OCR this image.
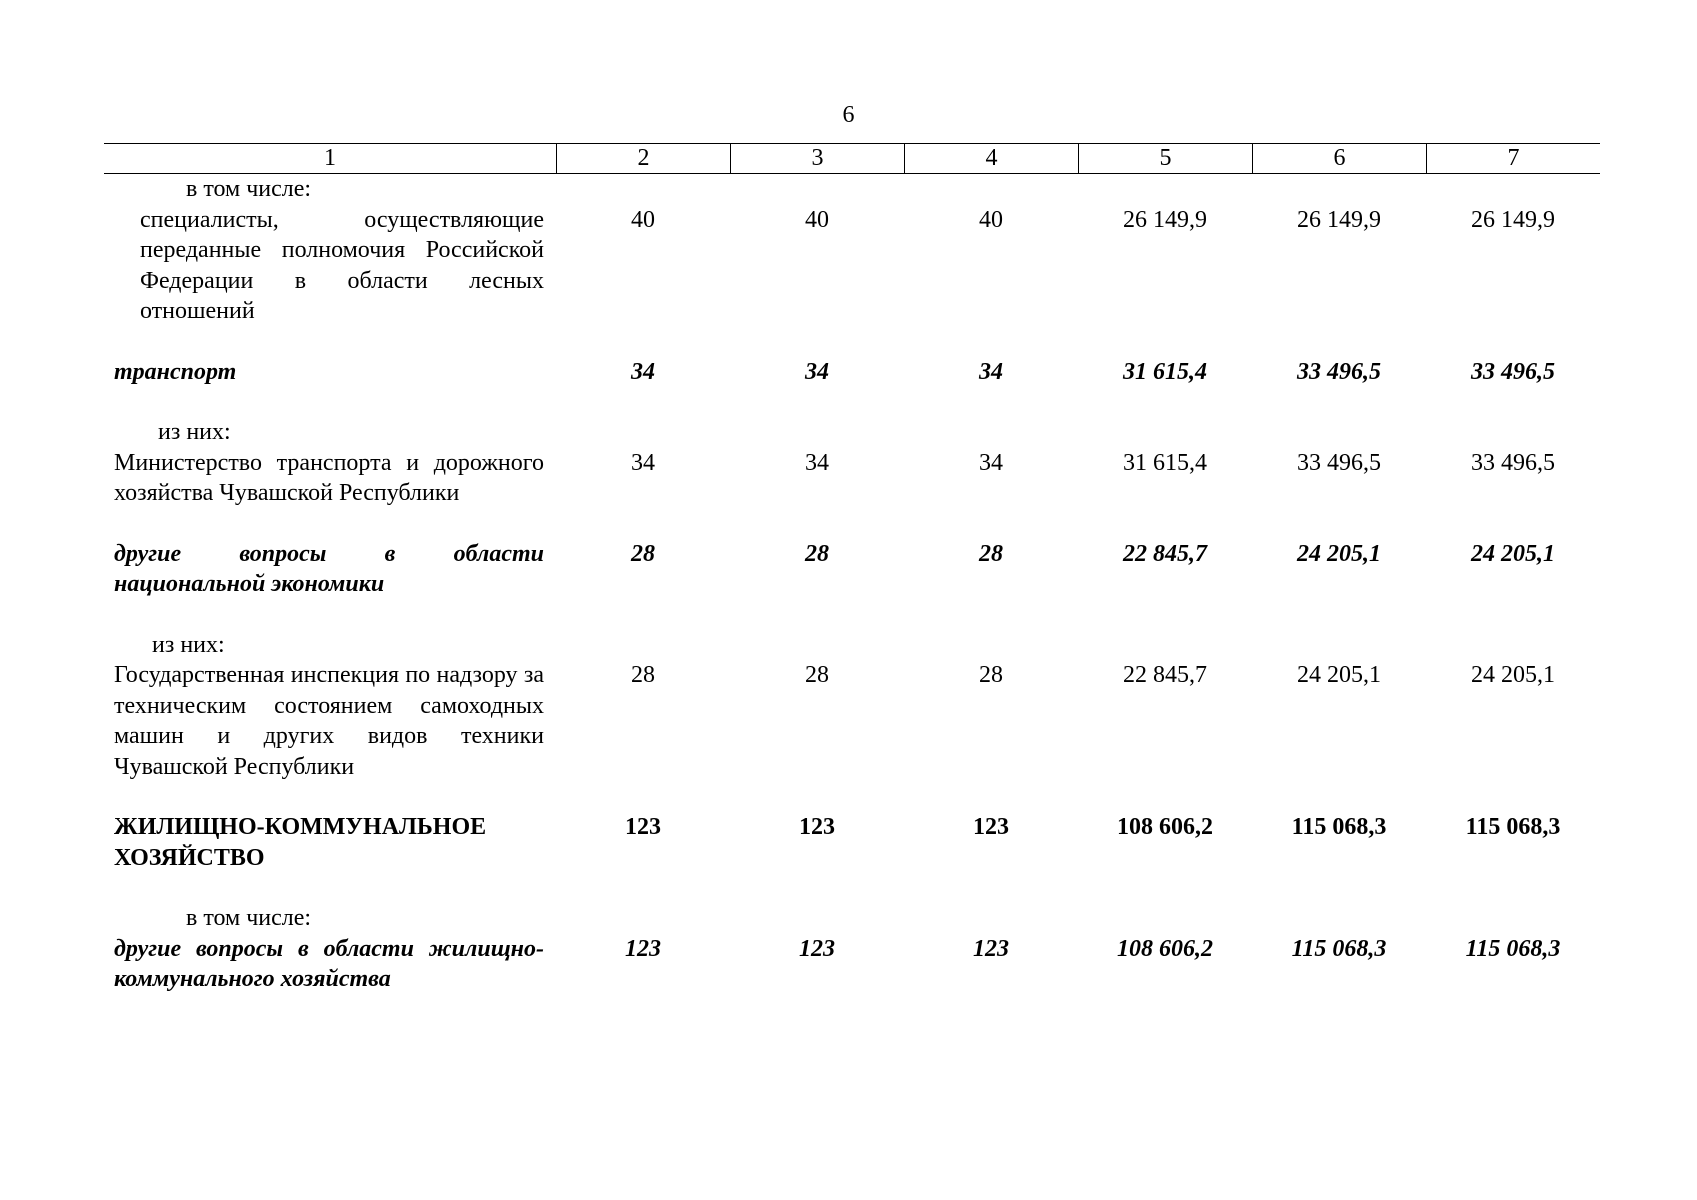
6
1	2	3	4	5	6	7
в том числе:
специалисты, осуществляющие переданные полномочия Российской Федерации в области лесных отношений
40	40	40	26 149,9	26 149,9	26 149,9
транспорт	34	34	34	31 615,4	33 496,5	33 496,5
из них:
Министерство транспорта и дорожного хозяйства Чувашской Республики
34	34	34	31 615,4	33 496,5	33 496,5
другие вопросы в области национальной экономики
28	28	28	22 845,7	24 205,1	24 205,1
из них:
Государственная инспекция по надзору за техническим состоянием самоходных машин и других видов техники Чувашской Республики
28	28	28	22 845,7	24 205,1	24 205,1
ЖИЛИЩНО-КОММУНАЛЬНОЕ ХОЗЯЙСТВО
123	123	123	108 606,2	115 068,3	115 068,3
в том числе:
другие вопросы в области жилищно-коммунального хозяйства
123	123	123	108 606,2	115 068,3	115 068,3
